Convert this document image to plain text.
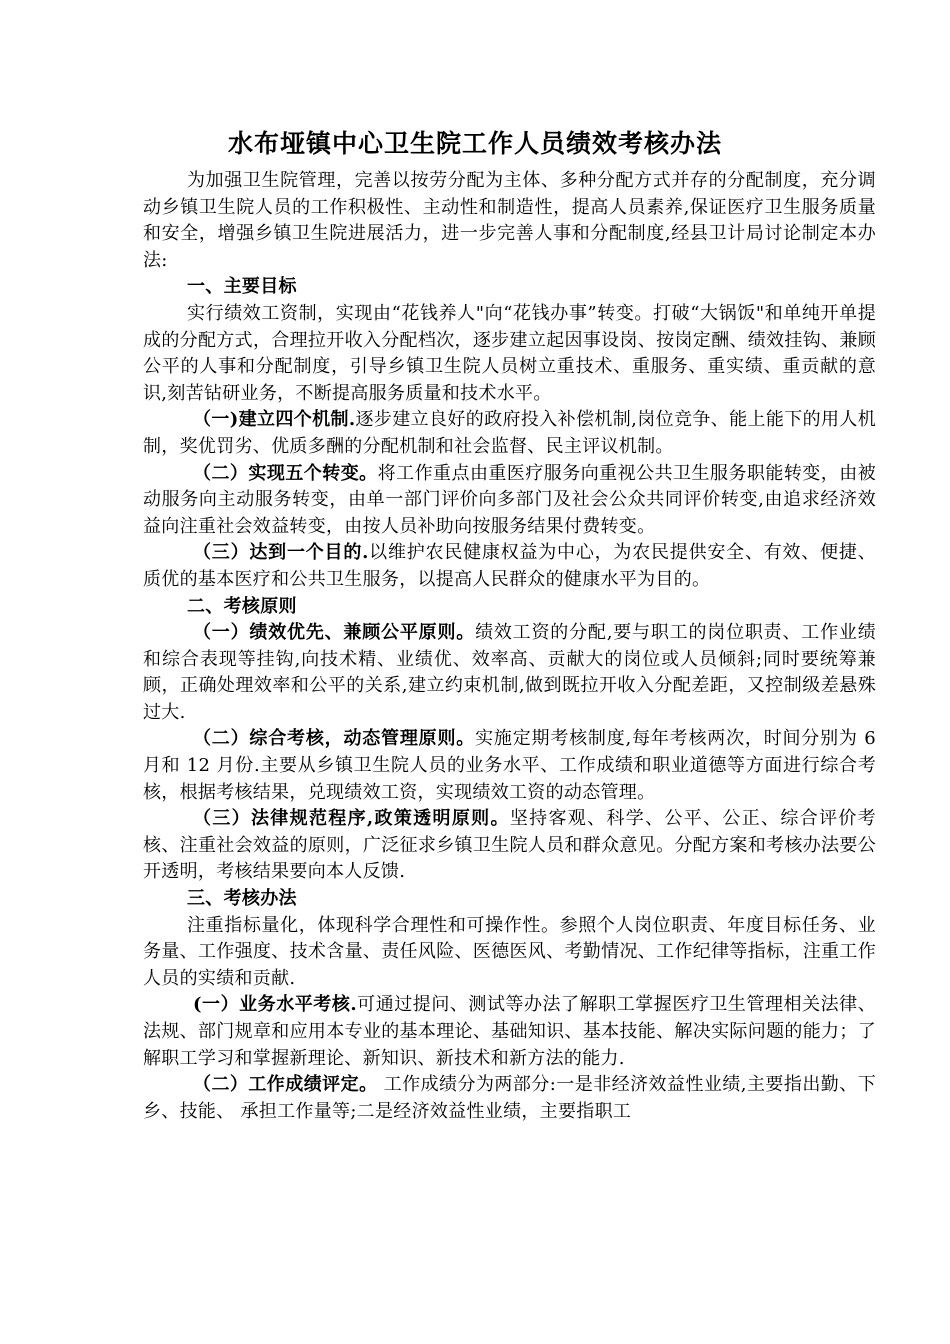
水布垭镇中心卫生院工作人员绩效考核办法

为加强卫生院管理，完善以按劳分配为主体、多种分配方式并存的分配制度，充分调动乡镇卫生院人员的工作积极性、主动性和制造性，提高人员素养,保证医疗卫生服务质量和安全，增强乡镇卫生院进展活力，进一步完善人事和分配制度,经县卫计局讨论制定本办法:

一、主要目标

实行绩效工资制，实现由“花钱养人"向“花钱办事”转变。打破“大锅饭"和单纯开单提成的分配方式，合理拉开收入分配档次，逐步建立起因事设岗、按岗定酬、绩效挂钩、兼顾公平的人事和分配制度，引导乡镇卫生院人员树立重技术、重服务、重实绩、重贡献的意识,刻苦钻研业务，不断提高服务质量和技术水平。

（一)建立四个机制.逐步建立良好的政府投入补偿机制,岗位竞争、能上能下的用人机制，奖优罚劣、优质多酬的分配机制和社会监督、民主评议机制。

（二）实现五个转变。将工作重点由重医疗服务向重视公共卫生服务职能转变，由被动服务向主动服务转变，由单一部门评价向多部门及社会公众共同评价转变,由追求经济效益向注重社会效益转变，由按人员补助向按服务结果付费转变。

（三）达到一个目的.以维护农民健康权益为中心，为农民提供安全、有效、便捷、质优的基本医疗和公共卫生服务，以提高人民群众的健康水平为目的。

二、考核原则

（一）绩效优先、兼顾公平原则。绩效工资的分配,要与职工的岗位职责、工作业绩和综合表现等挂钩,向技术精、业绩优、效率高、贡献大的岗位或人员倾斜;同时要统筹兼顾，正确处理效率和公平的关系,建立约束机制,做到既拉开收入分配差距，又控制级差悬殊过大.

（二）综合考核，动态管理原则。实施定期考核制度,每年考核两次，时间分别为 6 月和 12 月份.主要从乡镇卫生院人员的业务水平、工作成绩和职业道德等方面进行综合考核，根据考核结果，兑现绩效工资，实现绩效工资的动态管理。

（三）法律规范程序,政策透明原则。坚持客观、科学、公平、公正、综合评价考核、注重社会效益的原则，广泛征求乡镇卫生院人员和群众意见。分配方案和考核办法要公开透明，考核结果要向本人反馈.

三、考核办法

注重指标量化，体现科学合理性和可操作性。参照个人岗位职责、年度目标任务、业务量、工作强度、技术含量、责任风险、医德医风、考勤情况、工作纪律等指标，注重工作人员的实绩和贡献.

(一）业务水平考核.可通过提问、测试等办法了解职工掌握医疗卫生管理相关法律、法规、部门规章和应用本专业的基本理论、基础知识、基本技能、解决实际问题的能力；了解职工学习和掌握新理论、新知识、新技术和新方法的能力.

（二）工作成绩评定。 工作成绩分为两部分:一是非经济效益性业绩,主要指出勤、下乡、技能、 承担工作量等;二是经济效益性业绩，主要指职工
